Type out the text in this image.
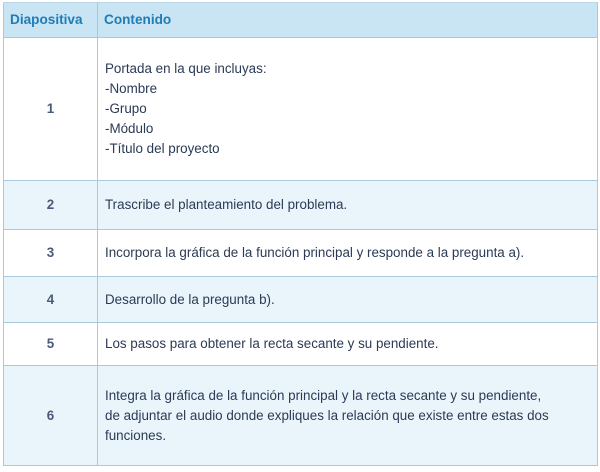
Diapositiva	Contenido
1	Portada en la que incluyas:
-Nombre
-Grupo
-Módulo
-Título del proyecto

2	Trascribe el planteamiento del problema.
3	Incorpora la gráfica de la función principal y responde a la pregunta a).
4	Desarrollo de la pregunta b).
5	Los pasos para obtener la recta secante y su pendiente.
6	Integra la gráfica de la función principal y la recta secante y su pendiente,
de adjuntar el audio donde expliques la relación que existe entre estas dos
funciones.
